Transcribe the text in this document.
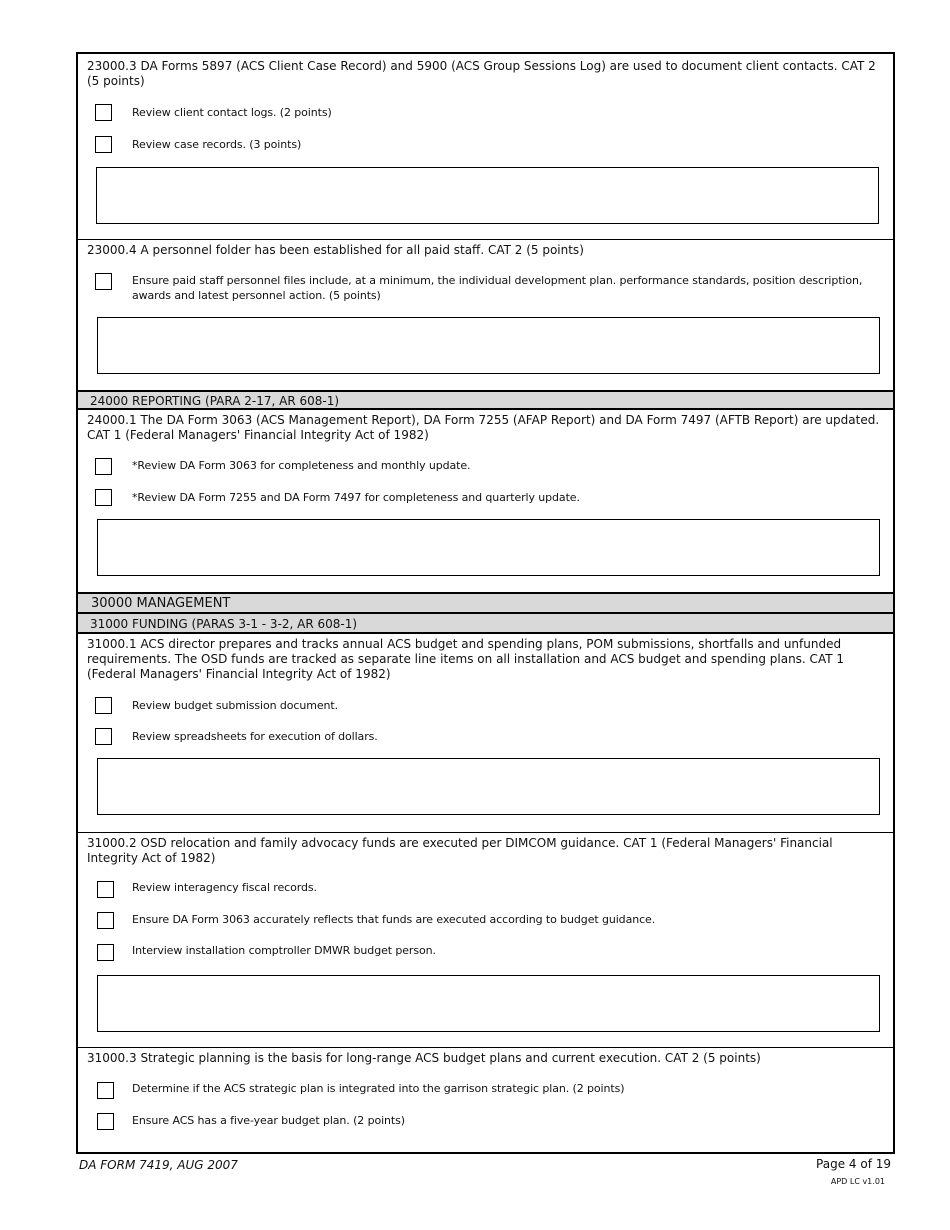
23000.3 DA Forms 5897 (ACS Client Case Record) and 5900 (ACS Group Sessions Log) are used to document client contacts. CAT 2 (5 points)
Review client contact logs. (2 points)
Review case records. (3 points)
23000.4 A personnel folder has been established for all paid staff. CAT 2 (5 points)
Ensure paid staff personnel files include, at a minimum, the individual development plan. performance standards, position description, awards and latest personnel action. (5 points)
24000 REPORTING (PARA 2-17, AR 608-1)
24000.1 The DA Form 3063 (ACS Management Report), DA Form 7255 (AFAP Report) and DA Form 7497 (AFTB Report) are updated. CAT 1 (Federal Managers' Financial Integrity Act of 1982)
*Review DA Form 3063 for completeness and monthly update.
*Review DA Form 7255 and DA Form 7497 for completeness and quarterly update.
30000 MANAGEMENT
31000 FUNDING (PARAS 3-1 - 3-2, AR 608-1)
31000.1 ACS director prepares and tracks annual ACS budget and spending plans, POM submissions, shortfalls and unfunded requirements. The OSD funds are tracked as separate line items on all installation and ACS budget and spending plans. CAT 1 (Federal Managers' Financial Integrity Act of 1982)
Review budget submission document.
Review spreadsheets for execution of dollars.
31000.2 OSD relocation and family advocacy funds are executed per DIMCOM guidance. CAT 1 (Federal Managers' Financial Integrity Act of 1982)
Review interagency fiscal records.
Ensure DA Form 3063 accurately reflects that funds are executed according to budget guidance.
Interview installation comptroller DMWR budget person.
31000.3 Strategic planning is the basis for long-range ACS budget plans and current execution. CAT 2 (5 points)
Determine if the ACS strategic plan is integrated into the garrison strategic plan. (2 points)
Ensure ACS has a five-year budget plan. (2 points)
DA FORM 7419, AUG 2007	Page 4 of 19
APD LC v1.01
